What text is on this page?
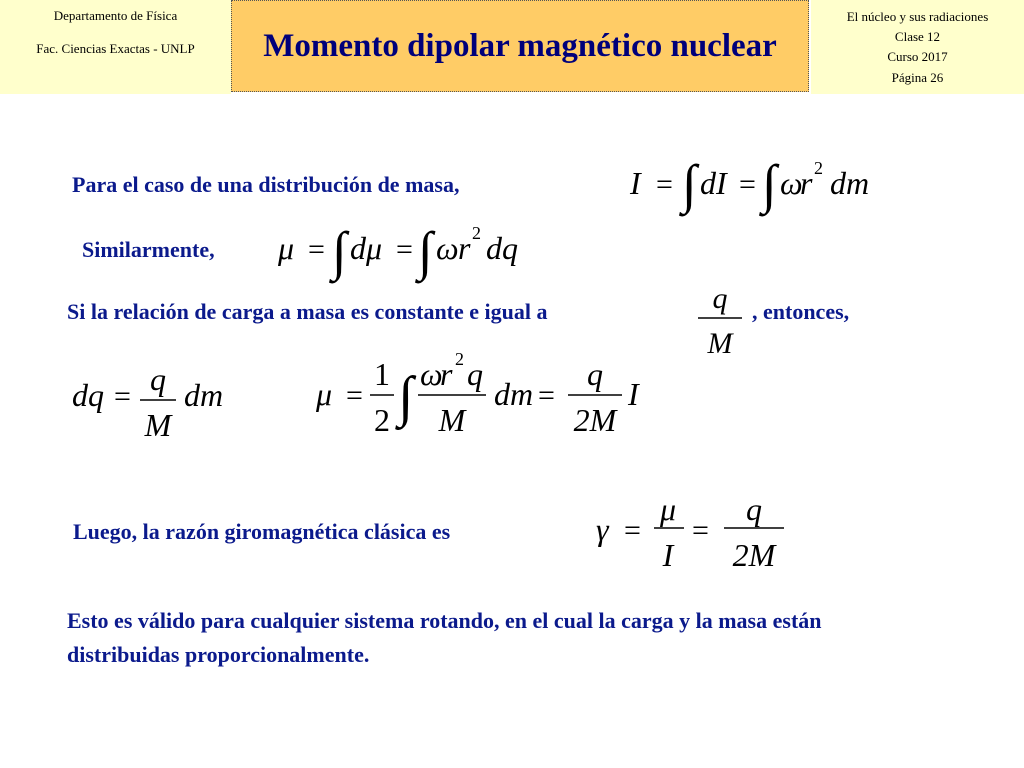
Departamento de Física
Fac. Ciencias Exactas - UNLP	Momento dipolar magnético nuclear
El núcleo y sus radiaciones
Clase 12
Curso 2017
Página 26
Para el caso de una distribución de masa,
Similarmente,
Si la relación de carga a masa es constante e igual a	, entonces,
Luego, la razón giromagnética clásica es
Esto es válido para cualquier sistema rotando, en el cual la carga y la masa están distribuidas proporcionalmente.
I = ∫ dI = ∫ ω
r 2 dm
μ = ∫ dμ = ∫ ω r 2 dq
q
M
dq = q
M
dm	μ =
1
2 ∫ ω
r 2 q
M
dm =
q
2M
I
γ =
μ
I
=
q
2M
